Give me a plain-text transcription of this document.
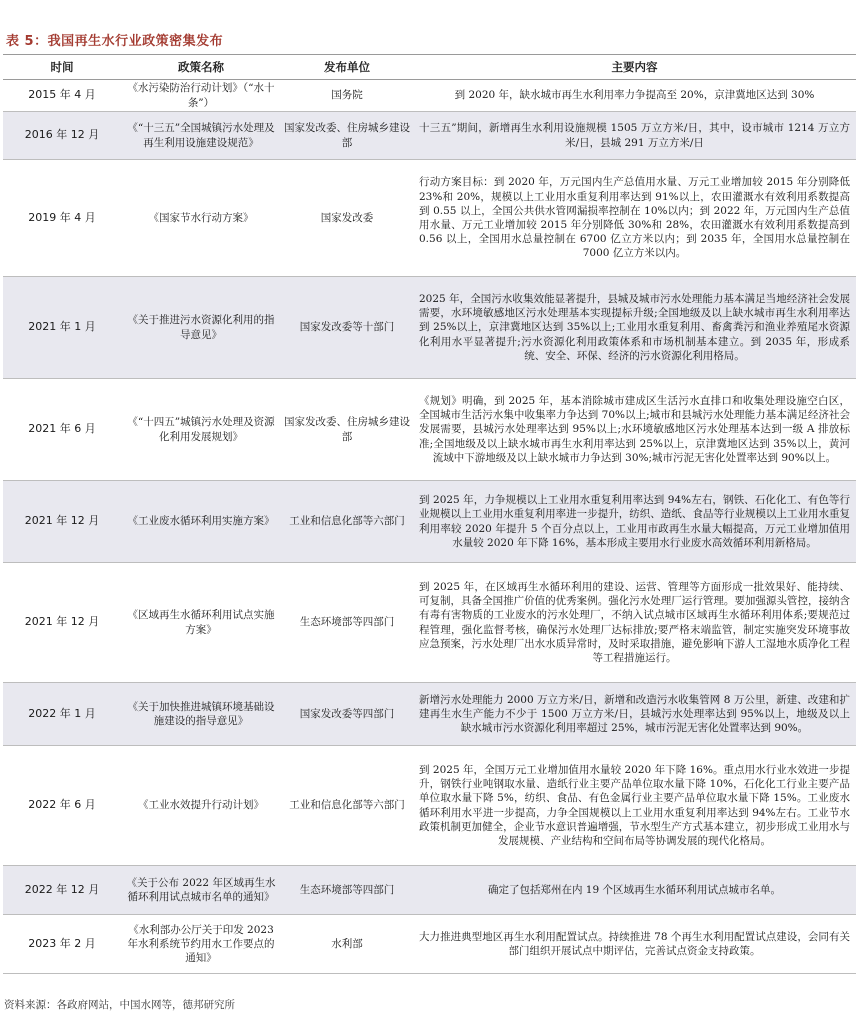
表 5：我国再生水行业政策密集发布
时间	政策名称	发布单位	主要内容
2015 年 4 月	《水污染防治行动计划》（“水十条”）	国务院	到 2020 年，缺水城市再生水利用率力争提高至 20%，京津冀地区达到 30%
2016 年 12 月	《“十三五”全国城镇污水处理及再生利用设施建设规范》	国家发改委、住房城乡建设部	十三五”期间，新增再生水利用设施规模 1505 万立方米/日，其中，设市城市 1214 万立方米/日，县城 291 万立方米/日
2019 年 4 月	《国家节水行动方案》	国家发改委	行动方案目标：到 2020 年，万元国内生产总值用水量、万元工业增加较 2015 年分别降低 23%和 20%，规模以上工业用水重复利用率达到 91%以上，农田灌溉水有效利用系数提高到 0.55 以上，全国公共供水管网漏损率控制在 10%以内；到 2022 年，万元国内生产总值用水量、万元工业增加较 2015 年分别降低 30%和 28%，农田灌溉水有效利用系数提高到 0.56 以上，全国用水总量控制在 6700 亿立方米以内；到 2035 年，全国用水总量控制在 7000 亿立方米以内。
2021 年 1 月	《关于推进污水资源化利用的指导意见》	国家发改委等十部门	2025 年，全国污水收集效能显著提升，县城及城市污水处理能力基本满足当地经济社会发展需要，水环境敏感地区污水处理基本实现提标升级;全国地级及以上缺水城市再生水利用率达到 25%以上，京津冀地区达到 35%以上;工业用水重复利用、畜禽粪污和渔业养殖尾水资源化利用水平显著提升;污水资源化利用政策体系和市场机制基本建立。到 2035 年，形成系统、安全、环保、经济的污水资源化利用格局。
2021 年 6 月	《“十四五”城镇污水处理及资源化利用发展规划》	国家发改委、住房城乡建设部	《规划》明确，到 2025 年，基本消除城市建成区生活污水直排口和收集处理设施空白区，全国城市生活污水集中收集率力争达到 70%以上;城市和县城污水处理能力基本满足经济社会发展需要，县城污水处理率达到 95%以上;水环境敏感地区污水处理基本达到一级 A 排放标准;全国地级及以上缺水城市再生水利用率达到 25%以上，京津冀地区达到 35%以上，黄河流域中下游地级及以上缺水城市力争达到 30%;城市污泥无害化处置率达到 90%以上。
2021 年 12 月	《工业废水循环利用实施方案》	工业和信息化部等六部门	到 2025 年，力争规模以上工业用水重复利用率达到 94%左右，钢铁、石化化工、有色等行业规模以上工业用水重复利用率进一步提升，纺织、造纸、食品等行业规模以上工业用水重复利用率较 2020 年提升 5 个百分点以上，工业用市政再生水量大幅提高，万元工业增加值用水量较 2020 年下降 16%，基本形成主要用水行业废水高效循环利用新格局。
2021 年 12 月	《区域再生水循环利用试点实施方案》	生态环境部等四部门	到 2025 年，在区域再生水循环利用的建设、运营、管理等方面形成一批效果好、能持续、可复制，具备全国推广价值的优秀案例。强化污水处理厂运行管理。要加强源头管控，接纳含有毒有害物质的工业废水的污水处理厂，不纳入试点城市区域再生水循环利用体系;要规范过程管理，强化监督考核，确保污水处理厂达标排放;要严格末端监管，制定实施突发环境事故应急预案，污水处理厂出水水质异常时，及时采取措施，避免影响下游人工湿地水质净化工程等工程措施运行。
2022 年 1 月	《关于加快推进城镇环境基础设施建设的指导意见》	国家发改委等四部门	新增污水处理能力 2000 万立方米/日，新增和改造污水收集管网 8 万公里，新建、改建和扩建再生水生产能力不少于 1500 万立方米/日，县城污水处理率达到 95%以上，地级及以上缺水城市污水资源化利用率超过 25%，城市污泥无害化处置率达到 90%。
2022 年 6 月	《工业水效提升行动计划》	工业和信息化部等六部门	到 2025 年，全国万元工业增加值用水量较 2020 年下降 16%。重点用水行业水效进一步提升，钢铁行业吨钢取水量、造纸行业主要产品单位取水量下降 10%，石化化工行业主要产品单位取水量下降 5%，纺织、食品、有色金属行业主要产品单位取水量下降 15%。工业废水循环利用水平进一步提高，力争全国规模以上工业用水重复利用率达到 94%左右。工业节水政策机制更加健全，企业节水意识普遍增强，节水型生产方式基本建立，初步形成工业用水与发展规模、产业结构和空间布局等协调发展的现代化格局。
2022 年 12 月	《关于公布 2022 年区域再生水循环利用试点城市名单的通知》	生态环境部等四部门	确定了包括郑州在内 19 个区域再生水循环利用试点城市名单。
2023 年 2 月	《水利部办公厅关于印发 2023 年水利系统节约用水工作要点的通知》	水利部	大力推进典型地区再生水利用配置试点。持续推进 78 个再生水利用配置试点建设，会同有关部门组织开展试点中期评估，完善试点资金支持政策。
资料来源：各政府网站，中国水网等，德邦研究所
